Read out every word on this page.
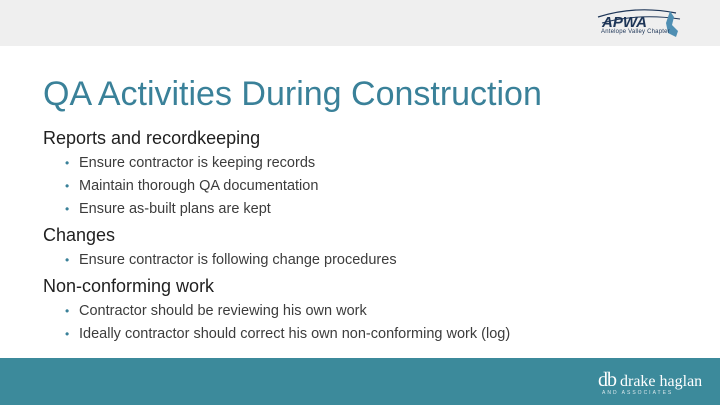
APWA
Antelope Valley Chapter
QA Activities During Construction

Reports and recordkeeping

• Ensure contractor is keeping records
• Maintain thorough QA documentation
• Ensure as-built plans are kept

Changes

• Ensure contractor is following change procedures

Non-conforming work

• Contractor should be reviewing his own work
• Ideally contractor should correct his own non-conforming work (log)
db drake haglan
AND ASSOCIATES
